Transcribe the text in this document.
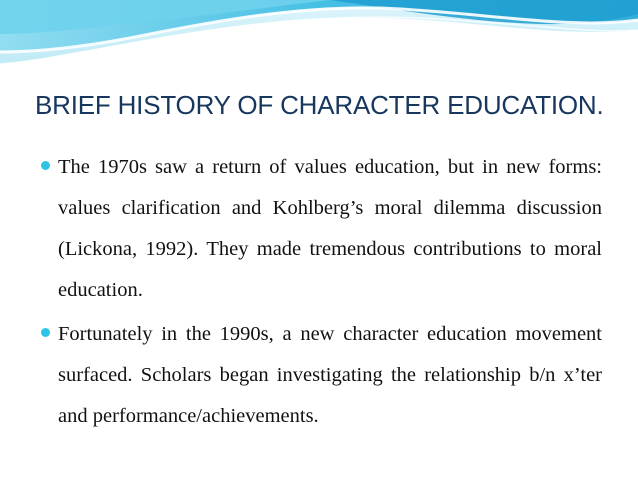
BRIEF HISTORY OF CHARACTER EDUCATION.
The 1970s saw a return of values education, but in new forms: values clarification and Kohlberg’s moral dilemma discussion (Lickona, 1992). They made tremendous contributions to moral education.
Fortunately in the 1990s, a new character education movement surfaced. Scholars began investigating the relationship b/n x’ter and performance/achievements.
